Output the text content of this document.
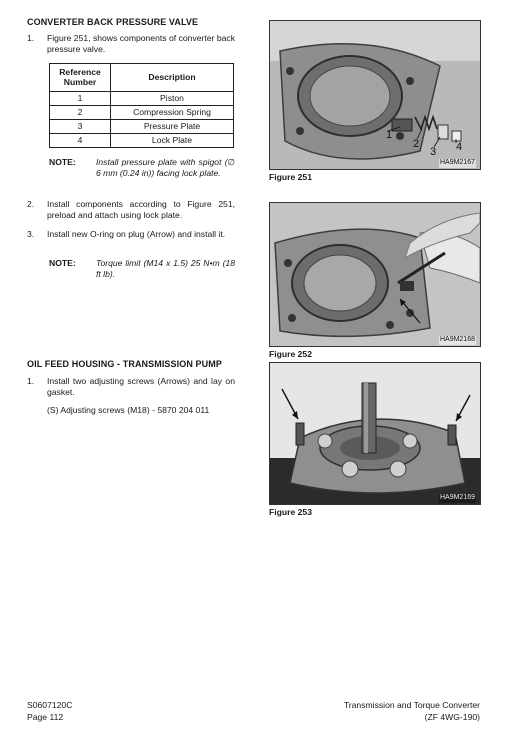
CONVERTER BACK PRESSURE VALVE
1.	Figure 251, shows components of converter back pressure valve.
Reference Number	Description
1	Piston
2	Compression Spring
3	Pressure Plate
4	Lock Plate
NOTE:	Install pressure plate with spigot (∅ 6 mm (0.24 in)) facing lock plate.
2.	Install components according to Figure 251, preload and attach using lock plate.
3.	Install new O-ring on plug (Arrow) and install it.
NOTE:	Torque limit (M14 x 1.5) 25 N•m (18 ft lb).
OIL FEED HOUSING - TRANSMISSION PUMP
1.	Install two adjusting screws (Arrows) and lay on gasket.
(S) Adjusting screws (M18) - 5870 204 011
1
2
3 4
HA9M2167
Figure 251
HA9M2168
Figure 252
HA9M2169
Figure 253
S0607120C
Page 112
Transmission and Torque Converter
(ZF 4WG-190)
